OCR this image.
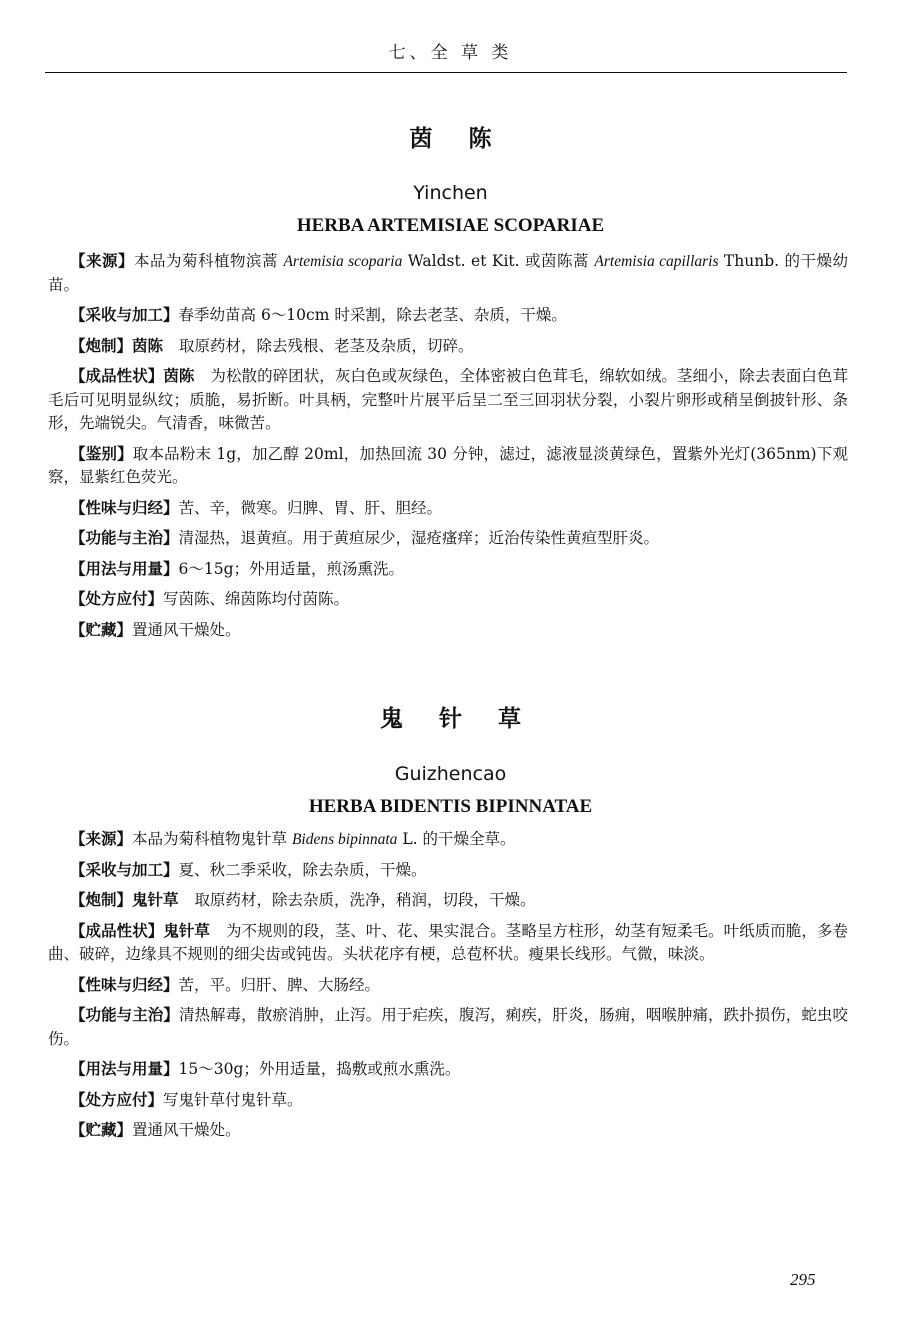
七、全 草 类
茵陈
Yinchen
HERBA ARTEMISIAE SCOPARIAE

【来源】本品为菊科植物滨蒿 Artemisia scoparia Waldst. et Kit. 或茵陈蒿 Artemisia capillaris Thunb. 的干燥幼苗。

【采收与加工】春季幼苗高 6～10cm 时采割，除去老茎、杂质，干燥。

【炮制】茵陈 取原药材，除去残根、老茎及杂质，切碎。

【成品性状】茵陈 为松散的碎团状，灰白色或灰绿色，全体密被白色茸毛，绵软如绒。茎细小，除去表面白色茸毛后可见明显纵纹；质脆，易折断。叶具柄，完整叶片展平后呈二至三回羽状分裂，小裂片卵形或稍呈倒披针形、条形，先端锐尖。气清香，味微苦。

【鉴别】取本品粉末 1g，加乙醇 20ml，加热回流 30 分钟，滤过，滤液显淡黄绿色，置紫外光灯(365nm)下观察，显紫红色荧光。

【性味与归经】苦、辛，微寒。归脾、胃、肝、胆经。

【功能与主治】清湿热，退黄疸。用于黄疸尿少，湿疮瘙痒；近治传染性黄疸型肝炎。

【用法与用量】6～15g；外用适量，煎汤熏洗。

【处方应付】写茵陈、绵茵陈均付茵陈。

【贮藏】置通风干燥处。

鬼针草
Guizhencao
HERBA BIDENTIS BIPINNATAE

【来源】本品为菊科植物鬼针草 Bidens bipinnata L. 的干燥全草。

【采收与加工】夏、秋二季采收，除去杂质，干燥。

【炮制】鬼针草 取原药材，除去杂质，洗净，稍润，切段，干燥。

【成品性状】鬼针草 为不规则的段，茎、叶、花、果实混合。茎略呈方柱形，幼茎有短柔毛。叶纸质而脆，多卷曲、破碎，边缘具不规则的细尖齿或钝齿。头状花序有梗，总苞杯状。瘦果长线形。气微，味淡。

【性味与归经】苦，平。归肝、脾、大肠经。

【功能与主治】清热解毒，散瘀消肿，止泻。用于疟疾，腹泻，痢疾，肝炎，肠痈，咽喉肿痛，跌扑损伤，蛇虫咬伤。

【用法与用量】15～30g；外用适量，捣敷或煎水熏洗。

【处方应付】写鬼针草付鬼针草。

【贮藏】置通风干燥处。

295
